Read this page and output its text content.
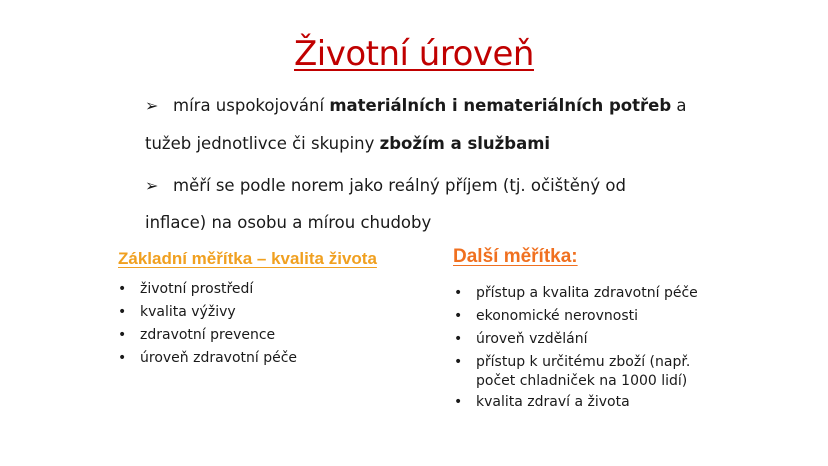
Životní úroveň
➢ míra uspokojování materiálních i nemateriálních potřeb a
tužeb jednotlivce či skupiny zbožím a službami
➢ měří se podle norem jako reálný příjem (tj. očištěný od
inflace) na osobu a mírou chudoby
Základní měřítka – kvalita života
• životní prostředí
• kvalita výživy
• zdravotní prevence
• úroveň zdravotní péče
Další měřítka:
• přístup a kvalita zdravotní péče
• ekonomické nerovnosti
• úroveň vzdělání
• přístup k určitému zboží (např.
počet chladniček na 1000 lidí)
• kvalita zdraví a života
